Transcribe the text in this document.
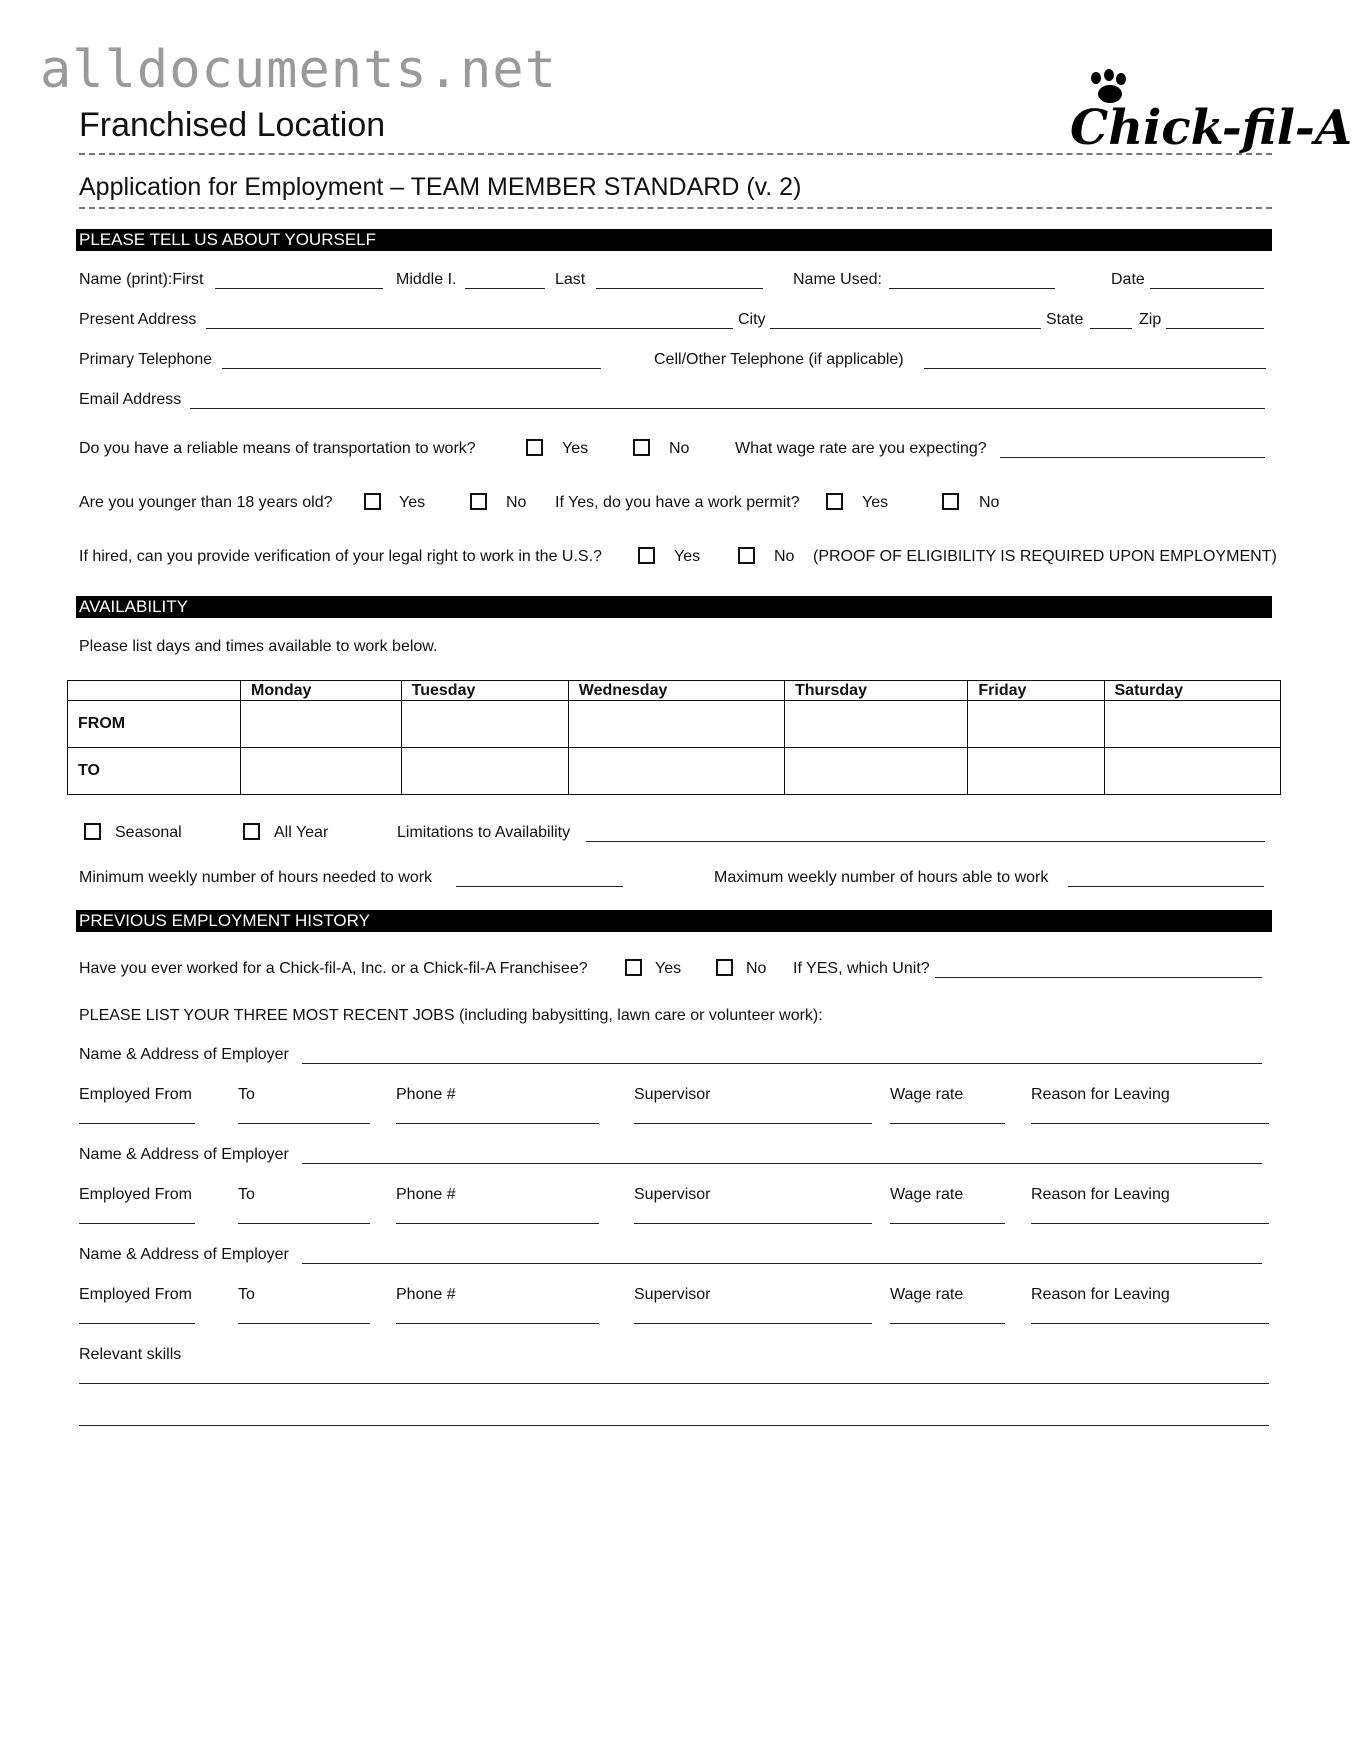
alldocuments.net
Franchised Location	Chick-fil-A
Application for Employment – TEAM MEMBER STANDARD (v. 2)
PLEASE TELL US ABOUT YOURSELF
Name (print):First	Middle I.	Last	Name Used:	Date
Present Address	City	State	Zip
Primary Telephone	Cell/Other Telephone (if applicable)
Email Address
Do you have a reliable means of transportation to work?	Yes	No	What wage rate are you expecting?
Are you younger than 18 years old?	Yes	No If Yes, do you have a work permit?	Yes	No
If hired, can you provide verification of your legal right to work in the U.S.?	Yes	No (PROOF OF ELIGIBILITY IS REQUIRED UPON EMPLOYMENT)
AVAILABILITY
Please list days and times available to work below.
	Monday	Tuesday	Wednesday	Thursday	Friday	Saturday
FROM						
TO						
Seasonal	All Year	Limitations to Availability
Minimum weekly number of hours needed to work	Maximum weekly number of hours able to work
PREVIOUS EMPLOYMENT HISTORY
Have you ever worked for a Chick-fil-A, Inc. or a Chick-fil-A Franchisee?	Yes	No If YES, which Unit?
PLEASE LIST YOUR THREE MOST RECENT JOBS (including babysitting, lawn care or volunteer work):
Name & Address of Employer
Employed From	To	Phone #	Supervisor	Wage rate	Reason for Leaving
Name & Address of Employer
Employed From	To	Phone #	Supervisor	Wage rate	Reason for Leaving
Name & Address of Employer
Employed From	To	Phone #	Supervisor	Wage rate	Reason for Leaving
Relevant skills
